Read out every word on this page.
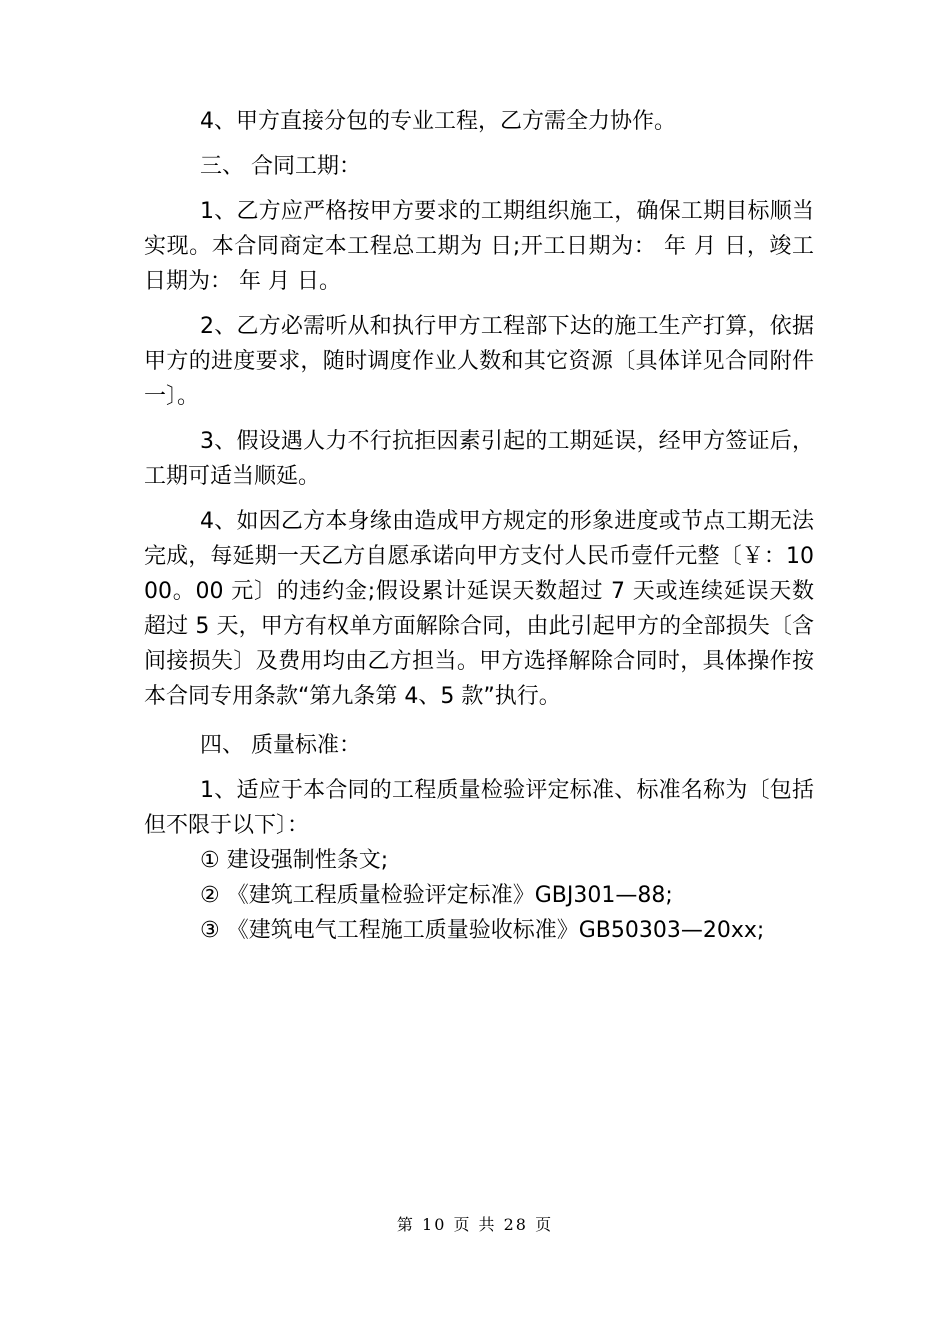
4、甲方直接分包的专业工程，乙方需全力协作。

三、 合同工期：

1、乙方应严格按甲方要求的工期组织施工，确保工期目标顺当实现。本合同商定本工程总工期为 日;开工日期为： 年 月 日，竣工日期为： 年 月 日。

2、乙方必需听从和执行甲方工程部下达的施工生产打算，依据甲方的进度要求，随时调度作业人数和其它资源〔具体详见合同附件一〕。

3、假设遇人力不行抗拒因素引起的工期延误，经甲方签证后，工期可适当顺延。

4、如因乙方本身缘由造成甲方规定的形象进度或节点工期无法完成，每延期一天乙方自愿承诺向甲方支付人民币壹仟元整〔￥：1000。00 元〕的违约金;假设累计延误天数超过 7 天或连续延误天数超过 5 天，甲方有权单方面解除合同，由此引起甲方的全部损失〔含间接损失〕及费用均由乙方担当。甲方选择解除合同时，具体操作按本合同专用条款“第九条第 4、5 款”执行。

四、 质量标准：

1、适应于本合同的工程质量检验评定标准、标准名称为〔包括但不限于以下〕：

① 建设强制性条文;

② 《建筑工程质量检验评定标准》GBJ301—88;

③ 《建筑电气工程施工质量验收标准》GB50303—20xx;

第 10 页 共 28 页
